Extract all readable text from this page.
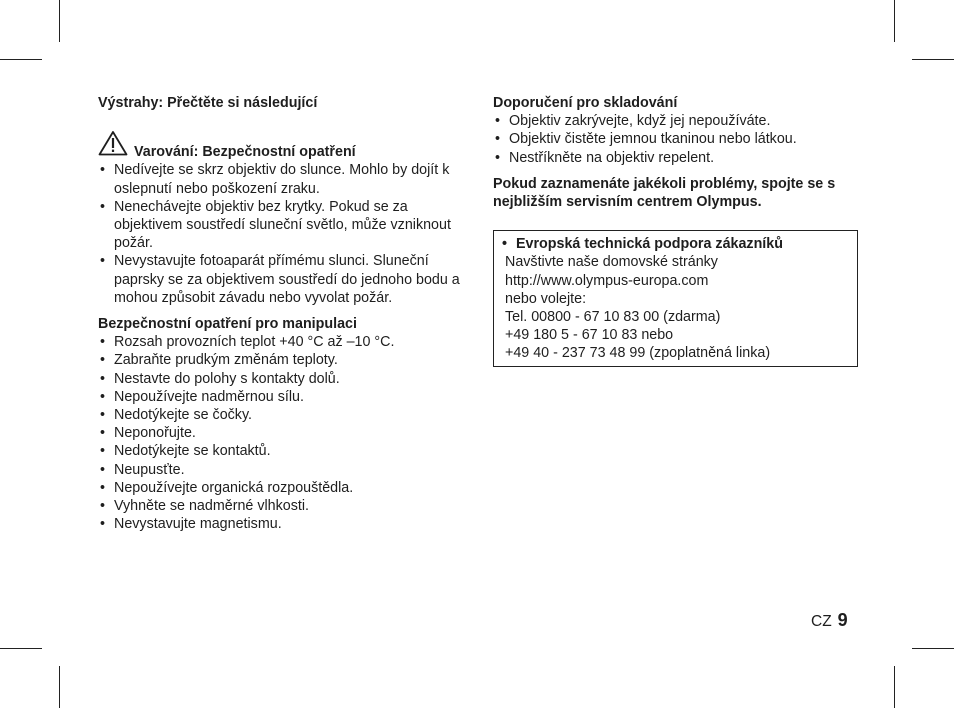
Výstrahy: Přečtěte si následující
Varování: Bezpečnostní opatření
• Nedívejte se skrz objektiv do slunce. Mohlo by dojít k oslepnutí nebo poškození zraku.
• Nenechávejte objektiv bez krytky. Pokud se za objektivem soustředí sluneční světlo, může vzniknout požár.
• Nevystavujte fotoaparát přímému slunci. Sluneční paprsky se za objektivem soustředí do jednoho bodu a mohou způsobit závadu nebo vyvolat požár.
Bezpečnostní opatření pro manipulaci
• Rozsah provozních teplot +40 °C až –10 °C.
• Zabraňte prudkým změnám teploty.
• Nestavte do polohy s kontakty dolů.
• Nepoužívejte nadměrnou sílu.
• Nedotýkejte se čočky.
• Neponořujte.
• Nedotýkejte se kontaktů.
• Neupusťte.
• Nepoužívejte organická rozpouštědla.
• Vyhněte se nadměrné vlhkosti.
• Nevystavujte magnetismu.
Doporučení pro skladování
• Objektiv zakrývejte, když jej nepoužíváte.
• Objektiv čistěte jemnou tkaninou nebo látkou.
• Nestříkněte na objektiv repelent.
Pokud zaznamenáte jakékoli problémy, spojte se s nejbližším servisním centrem Olympus.
• Evropská technická podpora zákazníků
Navštivte naše domovské stránky
http://www.olympus-europa.com
nebo volejte:
Tel. 00800 - 67 10 83 00 (zdarma)
+49 180 5 - 67 10 83 nebo
+49 40 - 237 73 48 99 (zpoplatněná linka)
CZ 9
